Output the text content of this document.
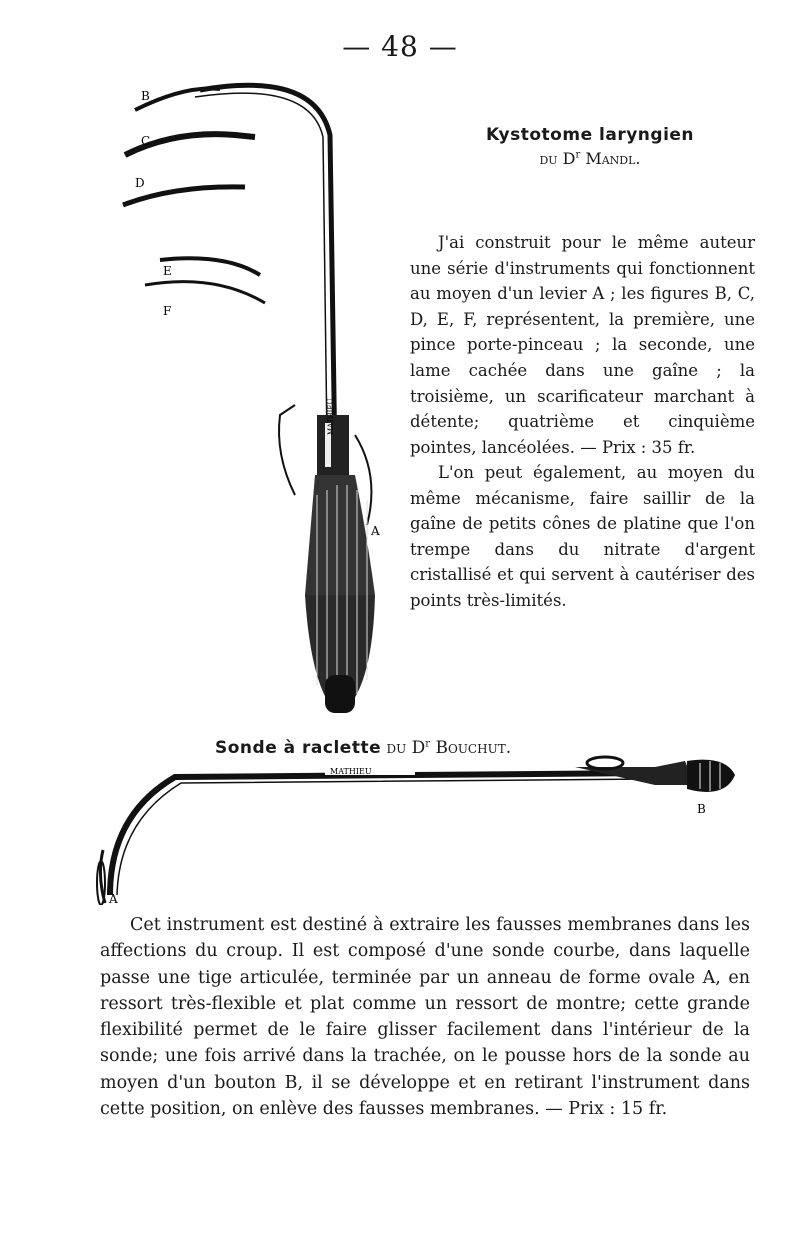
— 48 —
B
C
D
E
F
A
MATHIEU
Kystotome laryngien
du $D^r$ Mandl.

J'ai construit pour le même auteur une série d'instruments qui fonctionnent au moyen d'un levier A ; les figures B, C, D, E, F, représentent, la première, une pince porte-pinceau ; la seconde, une lame cachée dans une gaîne ; la troisième, un scarificateur marchant à détente; quatrième et cinquième pointes, lancéolées. — Prix : 35 fr.

L'on peut également, au moyen du même mécanisme, faire saillir de la gaîne de petits cônes de platine que l'on trempe dans du nitrate d'argent cristallisé et qui servent à cautériser des points très-limités.

Sonde à raclette du $D^r$ Bouchut.
MATHIEU
B
A

Cet instrument est destiné à extraire les fausses membranes dans les affections du croup. Il est composé d'une sonde courbe, dans laquelle passe une tige articulée, terminée par un anneau de forme ovale A, en ressort très-flexible et plat comme un ressort de montre; cette grande flexibilité permet de le faire glisser facilement dans l'intérieur de la sonde; une fois arrivé dans la trachée, on le pousse hors de la sonde au moyen d'un bouton B, il se développe et en retirant l'instrument dans cette position, on enlève des fausses membranes. — Prix : 15 fr.
